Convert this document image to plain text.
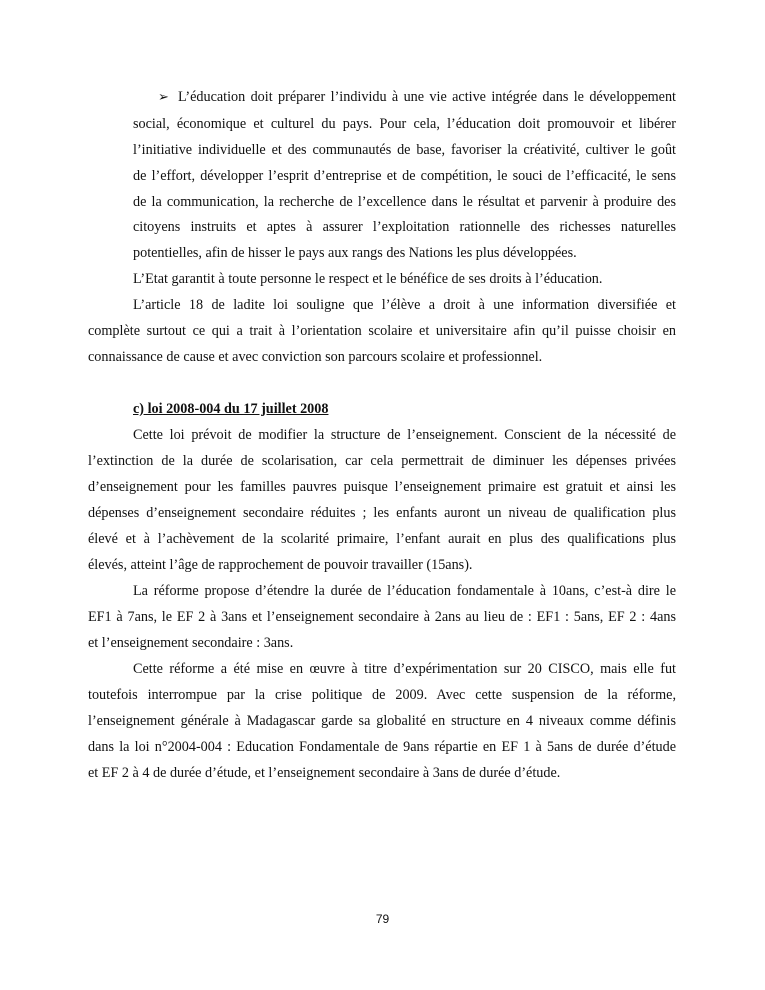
➢ L’éducation doit préparer l’individu à une vie active intégrée dans le développement
social, économique et culturel du pays. Pour cela, l’éducation doit promouvoir et libérer
l’initiative individuelle et des communautés de base, favoriser la créativité, cultiver le goût
de l’effort, développer l’esprit d’entreprise et de compétition, le souci de l’efficacité, le sens
de la communication, la recherche de l’excellence dans le résultat et parvenir à produire des
citoyens instruits et aptes à assurer l’exploitation rationnelle des richesses naturelles
potentielles, afin de hisser le pays aux rangs des Nations les plus développées.
L’Etat garantit à toute personne le respect et le bénéfice de ses droits à l’éducation.
L’article 18 de ladite loi souligne que l’élève a droit à une information diversifiée et
complète surtout ce qui a trait à l’orientation scolaire et universitaire afin qu’il puisse choisir en
connaissance de cause et avec conviction son parcours scolaire et professionnel.
c) loi 2008-004 du 17 juillet 2008
Cette loi prévoit de modifier la structure de l’enseignement. Conscient de la nécessité de
l’extinction de la durée de scolarisation, car cela permettrait de diminuer les dépenses privées
d’enseignement pour les familles pauvres puisque l’enseignement primaire est gratuit et ainsi les
dépenses d’enseignement secondaire réduites ; les enfants auront un niveau de qualification plus
élevé et à l’achèvement de la scolarité primaire, l’enfant aurait en plus des qualifications plus
élevés, atteint l’âge de rapprochement de pouvoir travailler (15ans).
La réforme propose d’étendre la durée de l’éducation fondamentale à 10ans, c’est-à dire le
EF1 à 7ans, le EF 2 à 3ans et l’enseignement secondaire à 2ans au lieu de : EF1 : 5ans, EF 2 : 4ans
et l’enseignement secondaire : 3ans.
Cette réforme a été mise en œuvre à titre d’expérimentation sur 20 CISCO, mais elle fut
toutefois interrompue par la crise politique de 2009. Avec cette suspension de la réforme,
l’enseignement générale à Madagascar garde sa globalité en structure en 4 niveaux comme définis
dans la loi n°2004-004 : Education Fondamentale de 9ans répartie en EF 1 à 5ans de durée d’étude
et EF 2 à 4 de durée d’étude, et l’enseignement secondaire à 3ans de durée d’étude.
79
